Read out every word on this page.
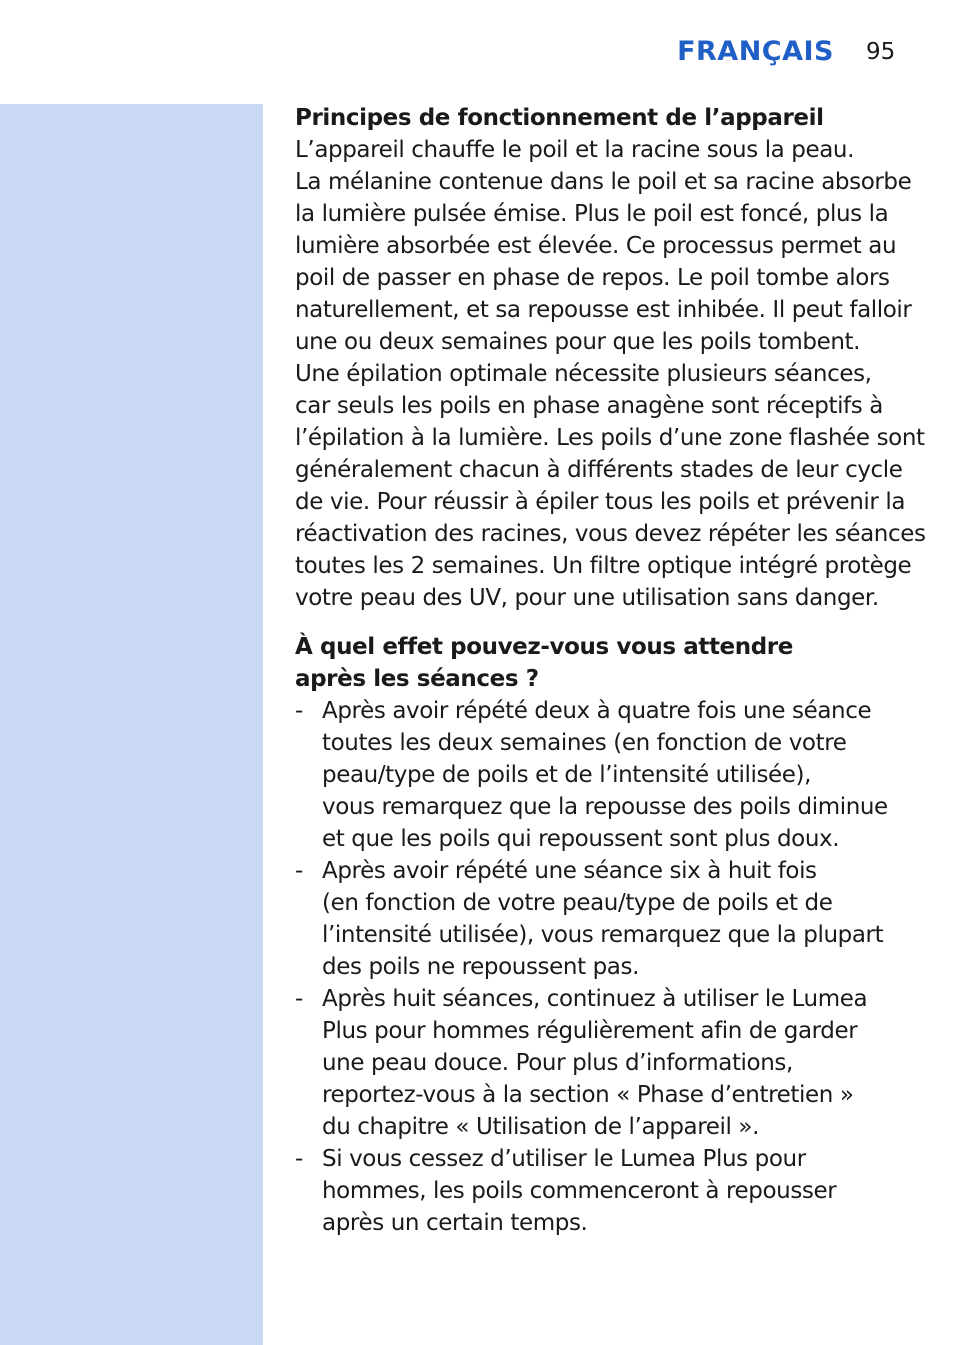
FRANÇAIS 95
Principes de fonctionnement de l’appareil
L’appareil chauffe le poil et la racine sous la peau.
La mélanine contenue dans le poil et sa racine absorbe
la lumière pulsée émise. Plus le poil est foncé, plus la
lumière absorbée est élevée. Ce processus permet au
poil de passer en phase de repos. Le poil tombe alors
naturellement, et sa repousse est inhibée. Il peut falloir
une ou deux semaines pour que les poils tombent.
Une épilation optimale nécessite plusieurs séances,
car seuls les poils en phase anagène sont réceptifs à
l’épilation à la lumière. Les poils d’une zone flashée sont
généralement chacun à différents stades de leur cycle
de vie. Pour réussir à épiler tous les poils et prévenir la
réactivation des racines, vous devez répéter les séances
toutes les 2 semaines. Un filtre optique intégré protège
votre peau des UV, pour une utilisation sans danger.
À quel effet pouvez-vous vous attendre
après les séances ?
- Après avoir répété deux à quatre fois une séance
toutes les deux semaines (en fonction de votre
peau/type de poils et de l’intensité utilisée),
vous remarquez que la repousse des poils diminue
et que les poils qui repoussent sont plus doux.
- Après avoir répété une séance six à huit fois
(en fonction de votre peau/type de poils et de
l’intensité utilisée), vous remarquez que la plupart
des poils ne repoussent pas.
- Après huit séances, continuez à utiliser le Lumea
Plus pour hommes régulièrement afin de garder
une peau douce. Pour plus d’informations,
reportez-vous à la section « Phase d’entretien »
du chapitre « Utilisation de l’appareil ».
- Si vous cessez d’utiliser le Lumea Plus pour
hommes, les poils commenceront à repousser
après un certain temps.
